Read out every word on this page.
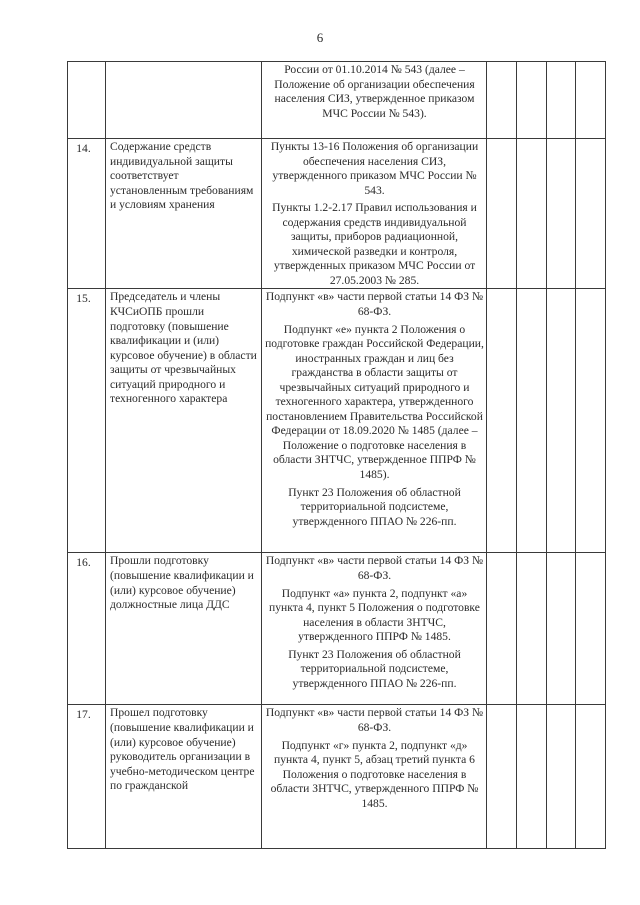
6

		России от 01.10.2014 № 543 (далее – Положение об организации обеспечения населения СИЗ, утвержденное приказом МЧС России № 543).				

14.	Содержание средств индивидуальной защиты соответствует установленным требованиям и условиям хранения	Пункты 13-16 Положения об организации обеспечения населения СИЗ, утвержденного приказом МЧС России № 543.
Пункты 1.2-2.17 Правил использования и содержания средств индивидуальной защиты, приборов радиационной, химической разведки и контроля, утвержденных приказом МЧС России от 27.05.2003 № 285.				

15.	Председатель и члены КЧСиОПБ прошли подготовку (повышение квалификации и (или) курсовое обучение) в области защиты от чрезвычайных ситуаций природного и техногенного характера	Подпункт «в» части первой статьи 14 ФЗ № 68-ФЗ.
Подпункт «е» пункта 2 Положения о подготовке граждан Российской Федерации, иностранных граждан и лиц без гражданства в области защиты от чрезвычайных ситуаций природного и техногенного характера, утвержденного постановлением Правительства Российской Федерации от 18.09.2020 № 1485 (далее – Положение о подготовке населения в области ЗНТЧС, утвержденное ППРФ № 1485).
Пункт 23 Положения об областной территориальной подсистеме, утвержденного ППАО № 226-пп.				

16.	Прошли подготовку (повышение квалификации и (или) курсовое обучение) должностные лица ДДС	Подпункт «в» части первой статьи 14 ФЗ № 68-ФЗ.
Подпункт «а» пункта 2, подпункт «а» пункта 4, пункт 5 Положения о подготовке населения в области ЗНТЧС, утвержденного ППРФ № 1485.
Пункт 23 Положения об областной территориальной подсистеме, утвержденного ППАО № 226-пп.				

17.	Прошел подготовку (повышение квалификации и (или) курсовое обучение) руководитель организации в учебно-методическом центре по гражданской	Подпункт «в» части первой статьи 14 ФЗ № 68-ФЗ.
Подпункт «г» пункта 2, подпункт «д» пункта 4, пункт 5, абзац третий пункта 6 Положения о подготовке населения в области ЗНТЧС, утвержденного ППРФ № 1485.				
